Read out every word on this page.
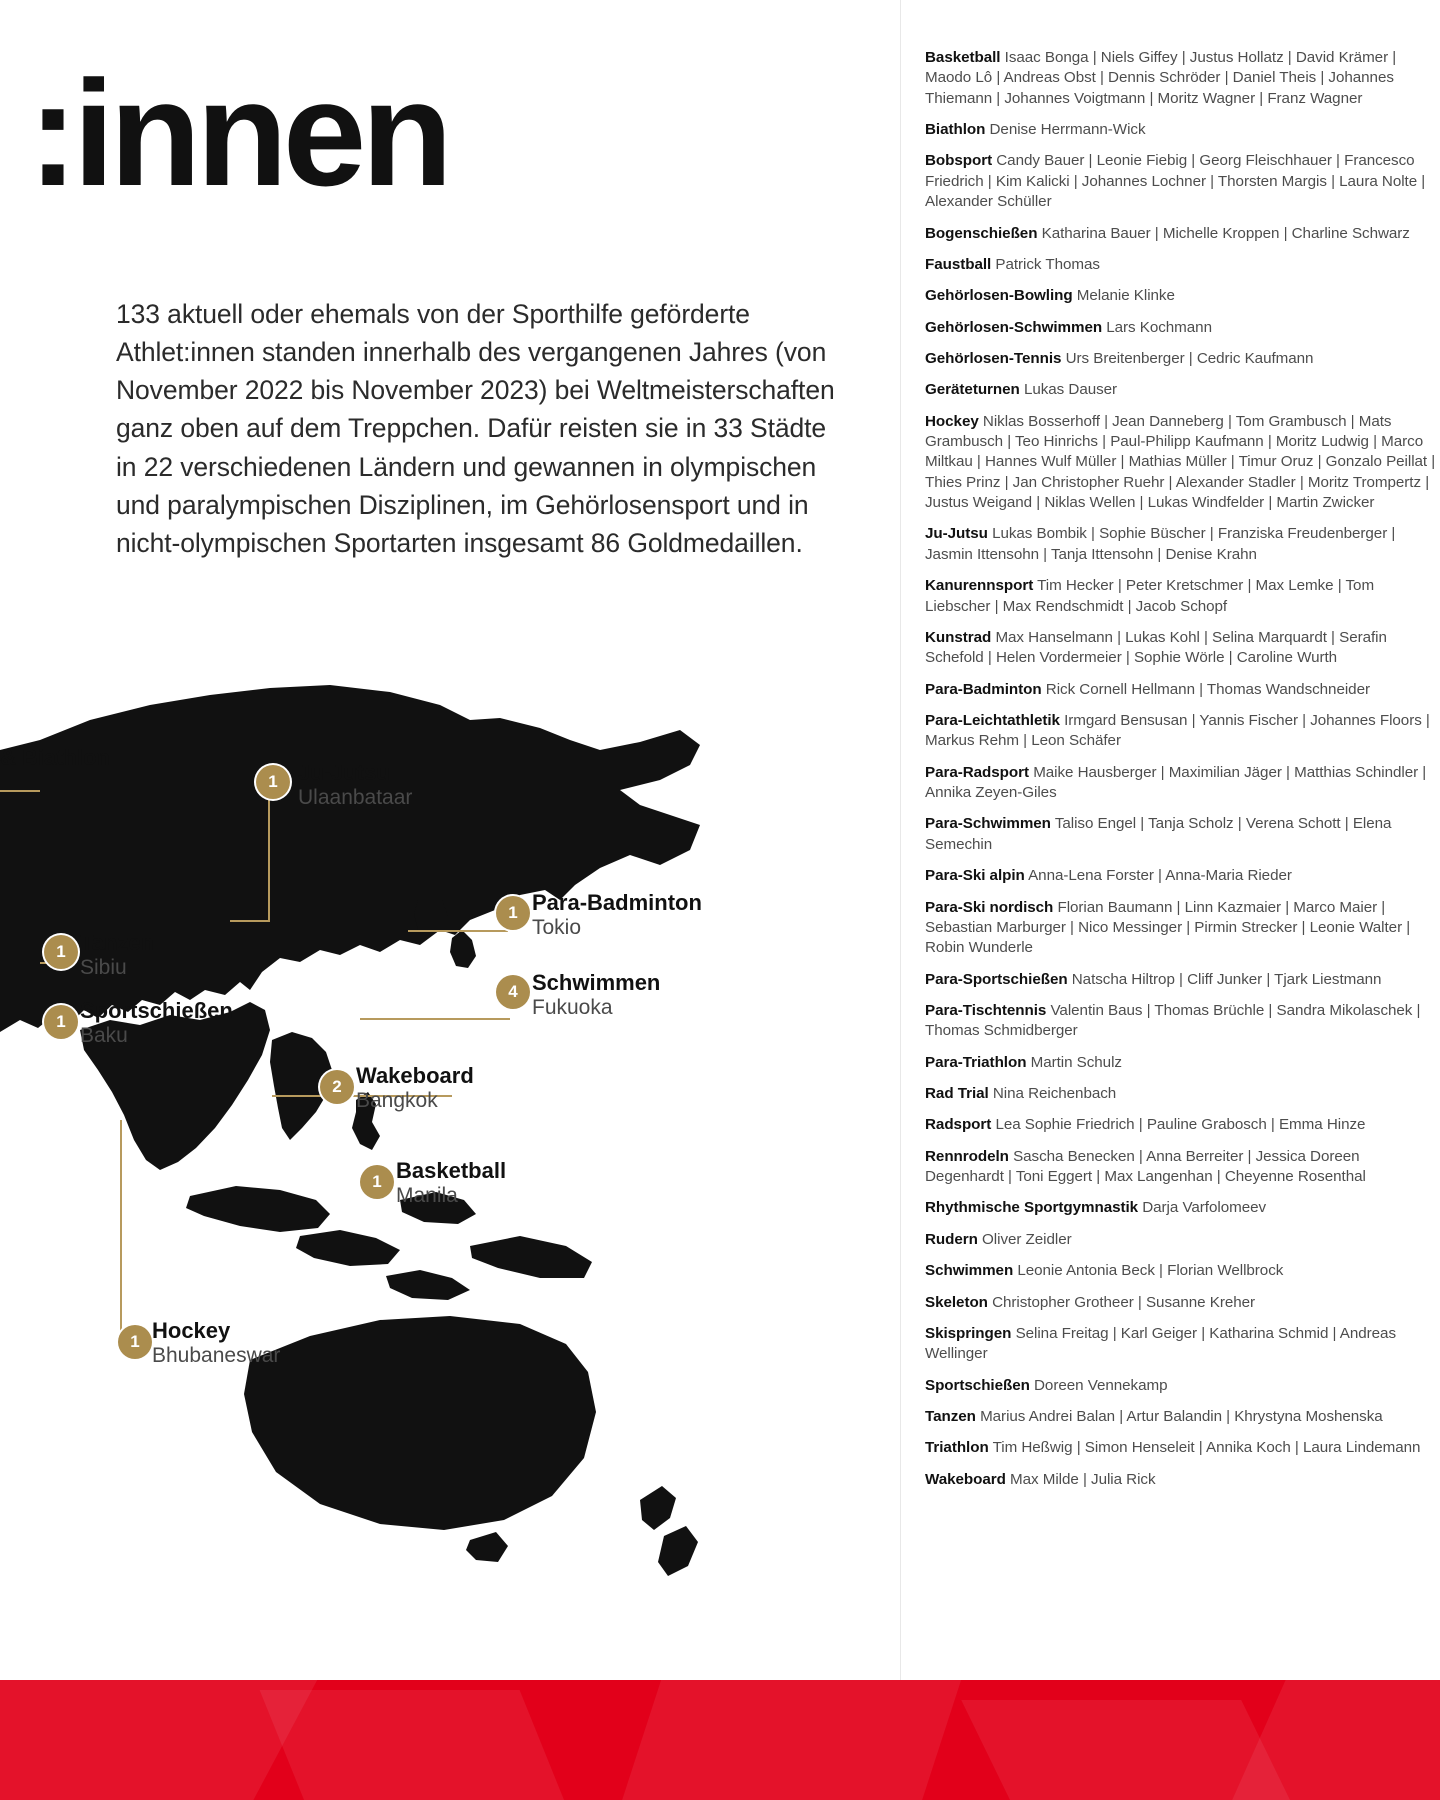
:innen
133 aktuell oder ehemals von der Sporthilfe geförderte Athlet:innen standen innerhalb des vergangenen Jahres (von November 2022 bis November 2023) bei Weltmeisterschaften ganz oben auf dem Treppchen. Dafür reisten sie in 33 Städte in 22 verschiedenen Ländern und gewannen in olympischen und paralympischen Disziplinen, im Gehörlosensport und in nicht-olympischen Sportarten insgesamt 86 Goldmedaillen.
& Biathlon
1 Ju-Jutsu
Ulaanbataar
1 Para-Badminton
Tokio
1 Tanzen
Sibiu
4 Schwimmen
Fukuoka
1 Sportschießen
Baku
2 Wakeboard
Bangkok
1 Basketball
Manila
1 Hockey
Bhubaneswar
Basketball Isaac Bonga | Niels Giffey | Justus Hollatz | David Krämer | Maodo Lô | Andreas Obst | Dennis Schröder | Daniel Theis | Johannes Thiemann | Johannes Voigtmann | Moritz Wagner | Franz Wagner
Biathlon Denise Herrmann-Wick
Bobsport Candy Bauer | Leonie Fiebig | Georg Fleischhauer | Francesco Friedrich | Kim Kalicki | Johannes Lochner | Thorsten Margis | Laura Nolte | Alexander Schüller
Bogenschießen Katharina Bauer | Michelle Kroppen | Charline Schwarz
Faustball Patrick Thomas
Gehörlosen-Bowling Melanie Klinke
Gehörlosen-Schwimmen Lars Kochmann
Gehörlosen-Tennis Urs Breitenberger | Cedric Kaufmann
Geräteturnen Lukas Dauser
Hockey Niklas Bosserhoff | Jean Danneberg | Tom Grambusch | Mats Grambusch | Teo Hinrichs | Paul-Philipp Kaufmann | Moritz Ludwig | Marco Miltkau | Hannes Wulf Müller | Mathias Müller | Timur Oruz | Gonzalo Peillat | Thies Prinz | Jan Christopher Ruehr | Alexander Stadler | Moritz Trompertz | Justus Weigand | Niklas Wellen | Lukas Windfelder | Martin Zwicker
Ju-Jutsu Lukas Bombik | Sophie Büscher | Franziska Freudenberger | Jasmin Ittensohn | Tanja Ittensohn | Denise Krahn
Kanurennsport Tim Hecker | Peter Kretschmer | Max Lemke | Tom Liebscher | Max Rendschmidt | Jacob Schopf
Kunstrad Max Hanselmann | Lukas Kohl | Selina Marquardt | Serafin Schefold | Helen Vordermeier | Sophie Wörle | Caroline Wurth
Para-Badminton Rick Cornell Hellmann | Thomas Wandschneider
Para-Leichtathletik Irmgard Bensusan | Yannis Fischer | Johannes Floors | Markus Rehm | Leon Schäfer
Para-Radsport Maike Hausberger | Maximilian Jäger | Matthias Schindler | Annika Zeyen-Giles
Para-Schwimmen Taliso Engel | Tanja Scholz | Verena Schott | Elena Semechin
Para-Ski alpin Anna-Lena Forster | Anna-Maria Rieder
Para-Ski nordisch Florian Baumann | Linn Kazmaier | Marco Maier | Sebastian Marburger | Nico Messinger | Pirmin Strecker | Leonie Walter | Robin Wunderle
Para-Sportschießen Natscha Hiltrop | Cliff Junker | Tjark Liestmann
Para-Tischtennis Valentin Baus | Thomas Brüchle | Sandra Mikolaschek | Thomas Schmidberger
Para-Triathlon Martin Schulz
Rad Trial Nina Reichenbach
Radsport Lea Sophie Friedrich | Pauline Grabosch | Emma Hinze
Rennrodeln Sascha Benecken | Anna Berreiter | Jessica Doreen Degenhardt | Toni Eggert | Max Langenhan | Cheyenne Rosenthal
Rhythmische Sportgymnastik Darja Varfolomeev
Rudern Oliver Zeidler
Schwimmen Leonie Antonia Beck | Florian Wellbrock
Skeleton Christopher Grotheer | Susanne Kreher
Skispringen Selina Freitag | Karl Geiger | Katharina Schmid | Andreas Wellinger
Sportschießen Doreen Vennekamp
Tanzen Marius Andrei Balan | Artur Balandin | Khrystyna Moshenska
Triathlon Tim Heßwig | Simon Henseleit | Annika Koch | Laura Lindemann
Wakeboard Max Milde | Julia Rick
